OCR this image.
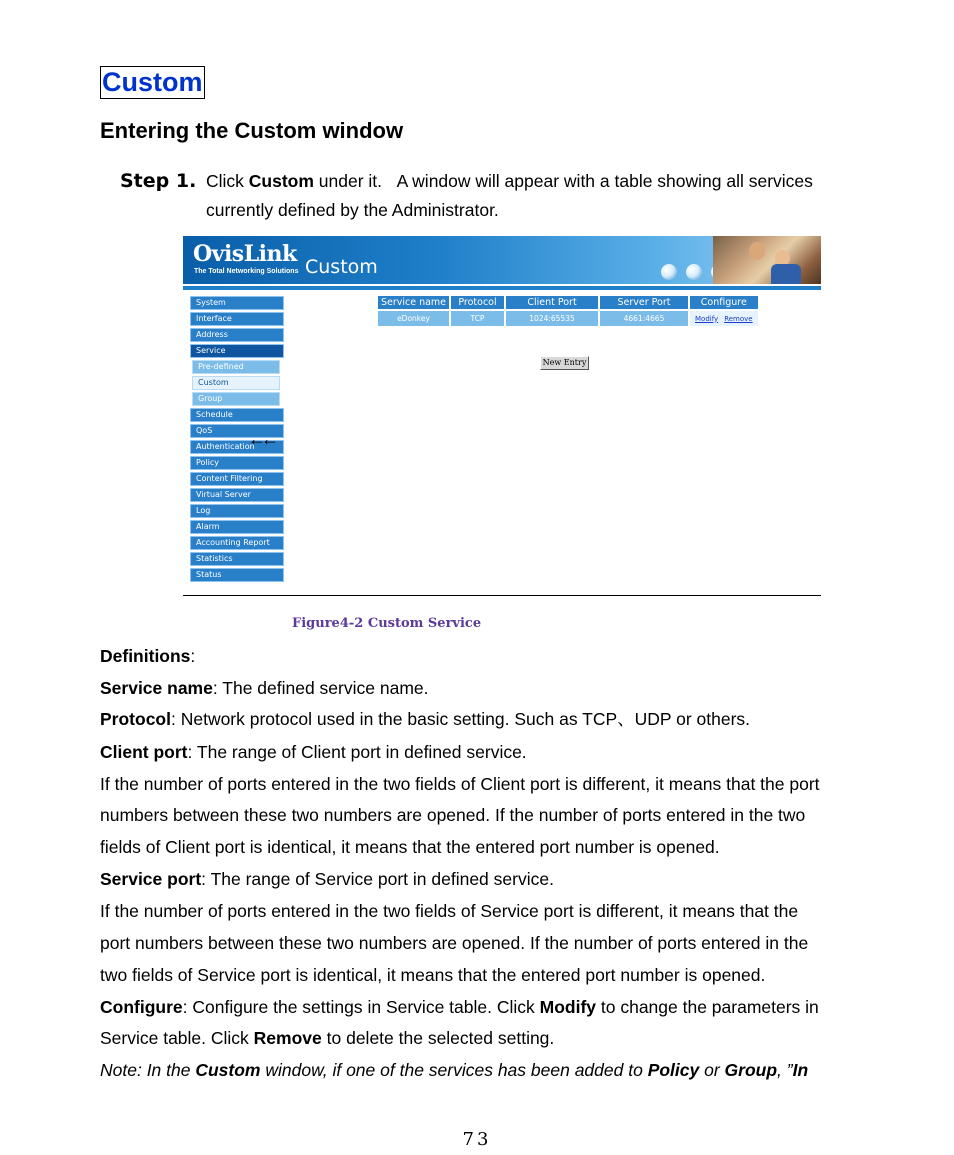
Custom
Entering the Custom window
Step 1. Click Custom under it.   A window will appear with a table showing all services
currently defined by the Administrator.
OvisLink
The Total Networking Solutions Custom
System
Interface
Address
Service
Pre-defined
Custom
Group
Schedule
QoS
Authentication
Policy
Content Filtering
Virtual Server
Log
Alarm
Accounting Report
Statistics
Status
←←
Service name	Protocol	Client Port	Server Port	Configure
eDonkey	TCP	1024:65535	4661:4665	Modify Remove
New Entry
Figure4-2 Custom Service
Definitions:
Service name: The defined service name.
Protocol: Network protocol used in the basic setting. Such as TCP、UDP or others.
Client port: The range of Client port in defined service.
If the number of ports entered in the two fields of Client port is different, it means that the port
numbers between these two numbers are opened. If the number of ports entered in the two
fields of Client port is identical, it means that the entered port number is opened.
Service port: The range of Service port in defined service.
If the number of ports entered in the two fields of Service port is different, it means that the
port numbers between these two numbers are opened. If the number of ports entered in the
two fields of Service port is identical, it means that the entered port number is opened.
Configure: Configure the settings in Service table. Click Modify to change the parameters in
Service table. Click Remove to delete the selected setting.
Note: In the Custom window, if one of the services has been added to Policy or Group, ”In
73
